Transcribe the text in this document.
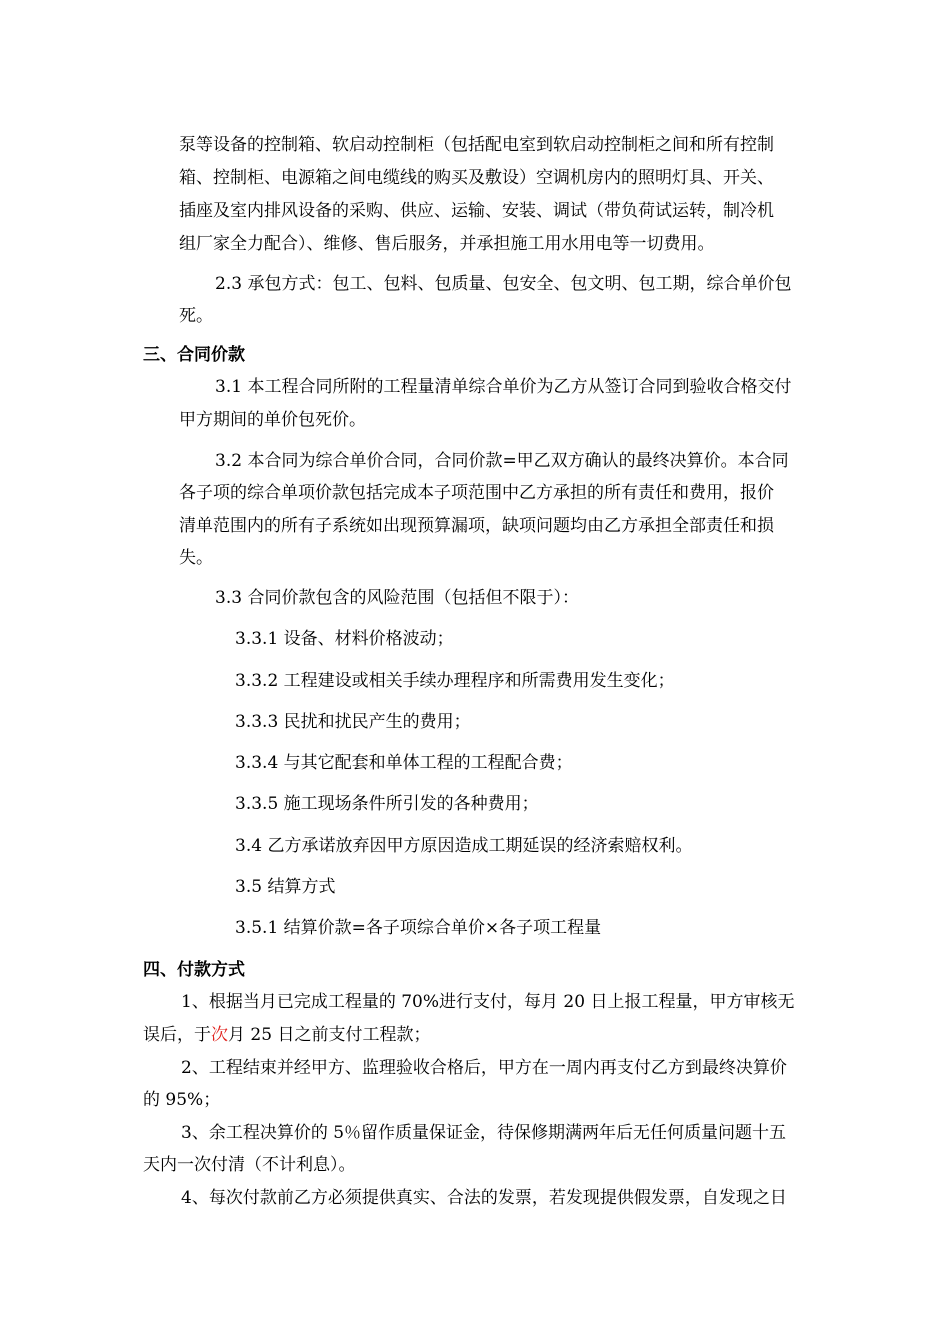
泵等设备的控制箱、软启动控制柜（包括配电室到软启动控制柜之间和所有控制
箱、控制柜、电源箱之间电缆线的购买及敷设）空调机房内的照明灯具、开关、
插座及室内排风设备的采购、供应、运输、安装、调试（带负荷试运转，制冷机
组厂家全力配合）、维修、售后服务，并承担施工用水用电等一切费用。
2.3 承包方式：包工、包料、包质量、包安全、包文明、包工期，综合单价包
死。
三、合同价款
3.1 本工程合同所附的工程量清单综合单价为乙方从签订合同到验收合格交付
甲方期间的单价包死价。
3.2 本合同为综合单价合同，合同价款=甲乙双方确认的最终决算价。本合同
各子项的综合单项价款包括完成本子项范围中乙方承担的所有责任和费用，报价
清单范围内的所有子系统如出现预算漏项，缺项问题均由乙方承担全部责任和损
失。
3.3 合同价款包含的风险范围（包括但不限于）：
3.3.1 设备、材料价格波动；
3.3.2 工程建设或相关手续办理程序和所需费用发生变化；
3.3.3 民扰和扰民产生的费用；
3.3.4 与其它配套和单体工程的工程配合费；
3.3.5 施工现场条件所引发的各种费用；
3.4 乙方承诺放弃因甲方原因造成工期延误的经济索赔权利。
3.5 结算方式
3.5.1 结算价款=各子项综合单价×各子项工程量
四、付款方式
1、根据当月已完成工程量的 70%进行支付，每月 20 日上报工程量，甲方审核无
误后，于次月 25 日之前支付工程款；
2、工程结束并经甲方、监理验收合格后，甲方在一周内再支付乙方到最终决算价
的 95%；
3、余工程决算价的 5％留作质量保证金，待保修期满两年后无任何质量问题十五
天内一次付清（不计利息）。
4、每次付款前乙方必须提供真实、合法的发票，若发现提供假发票，自发现之日
